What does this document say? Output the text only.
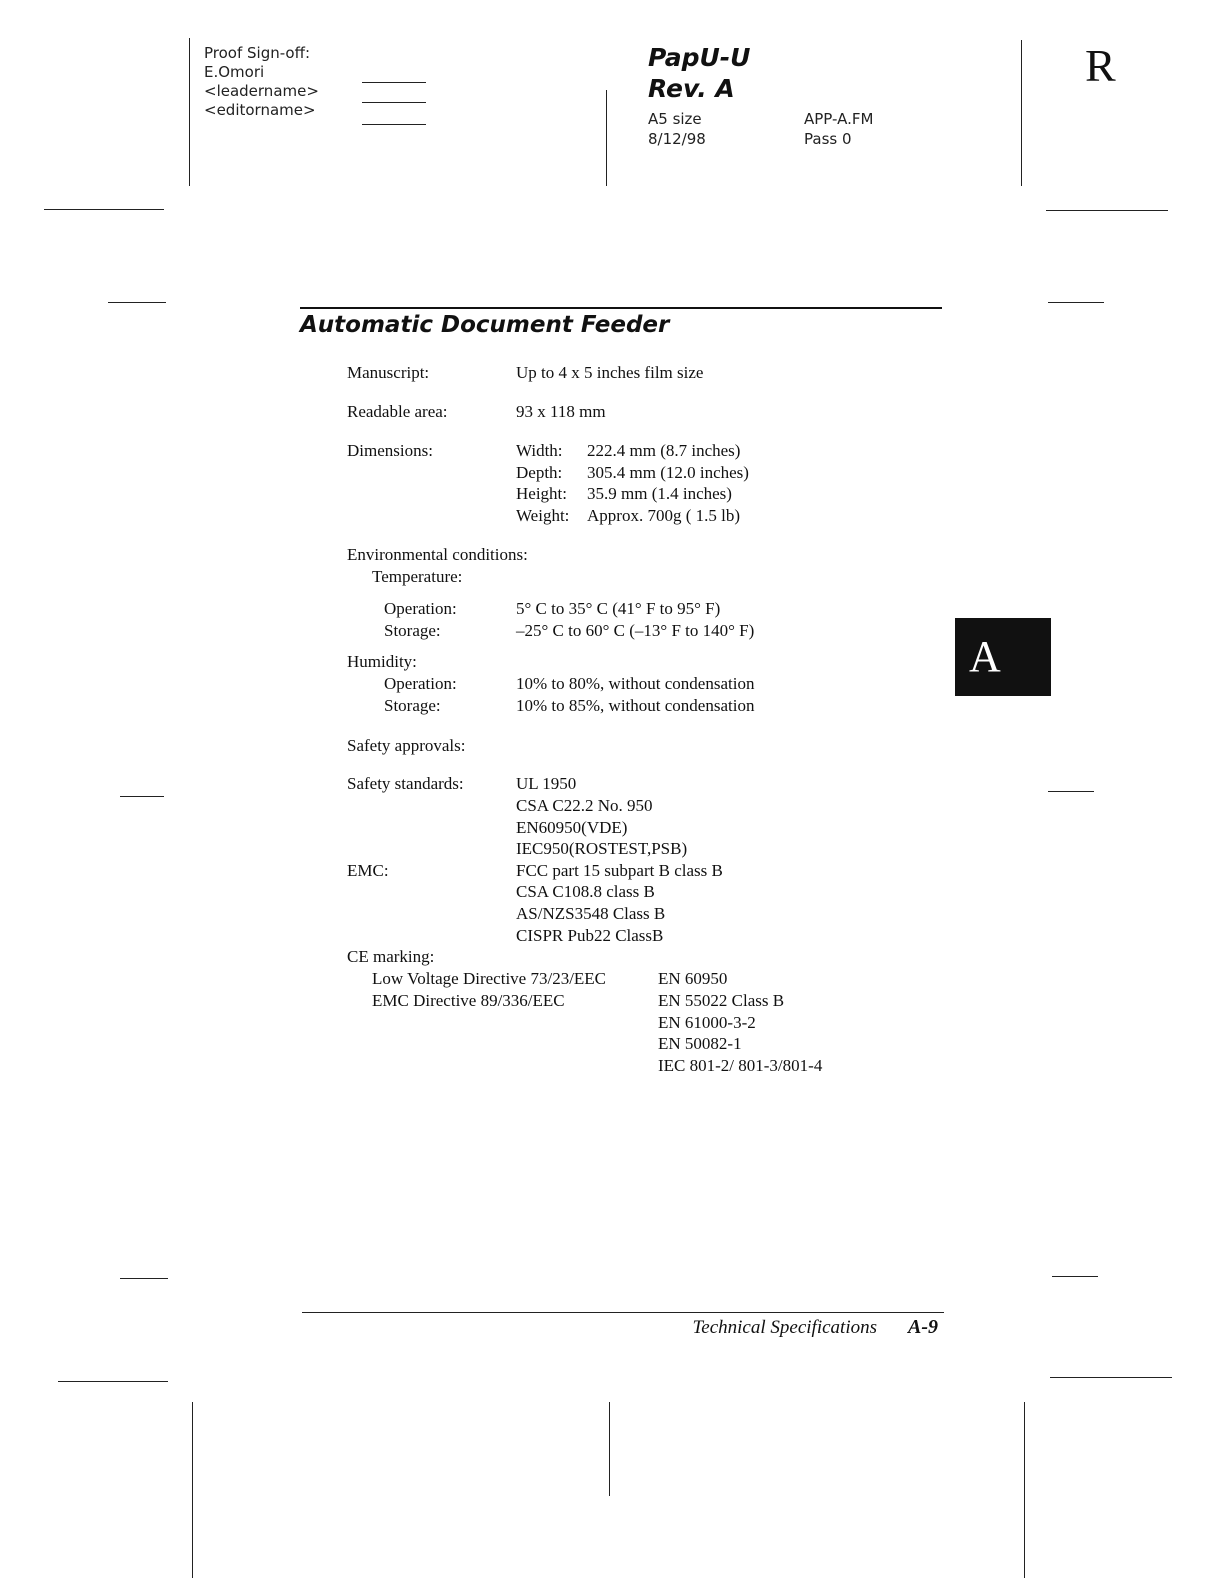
Proof Sign-off:
E.Omori
<leadername>
<editorname>
PapU-U
Rev. A
A5 size
8/12/98
APP-A.FM
Pass 0
R
Automatic Document Feeder
Manuscript:	Up to 4 x 5 inches film size
Readable area:	93 x 118 mm
Dimensions:	Width: 222.4 mm (8.7 inches)
Depth: 305.4 mm (12.0 inches)
Height: 35.9 mm (1.4 inches)
Weight: Approx. 700g ( 1.5 lb)
Environmental conditions:
Temperature:
Operation:	5° C to 35° C (41° F to 95° F)
Storage:	–25° C to 60° C (–13° F to 140° F)
Humidity:
Operation:	10% to 80%, without condensation
Storage:	10% to 85%, without condensation
Safety approvals:
Safety standards:	UL 1950
CSA C22.2 No. 950
EN60950(VDE)
IEC950(ROSTEST,PSB)
EMC:	FCC part 15 subpart B class B
CSA C108.8 class B
AS/NZS3548 Class B
CISPR Pub22 ClassB
CE marking:
Low Voltage Directive 73/23/EEC	EN 60950
EMC Directive 89/336/EEC	EN 55022 Class B
EN 61000-3-2
EN 50082-1
IEC 801-2/ 801-3/801-4
A
Technical Specifications A-9
